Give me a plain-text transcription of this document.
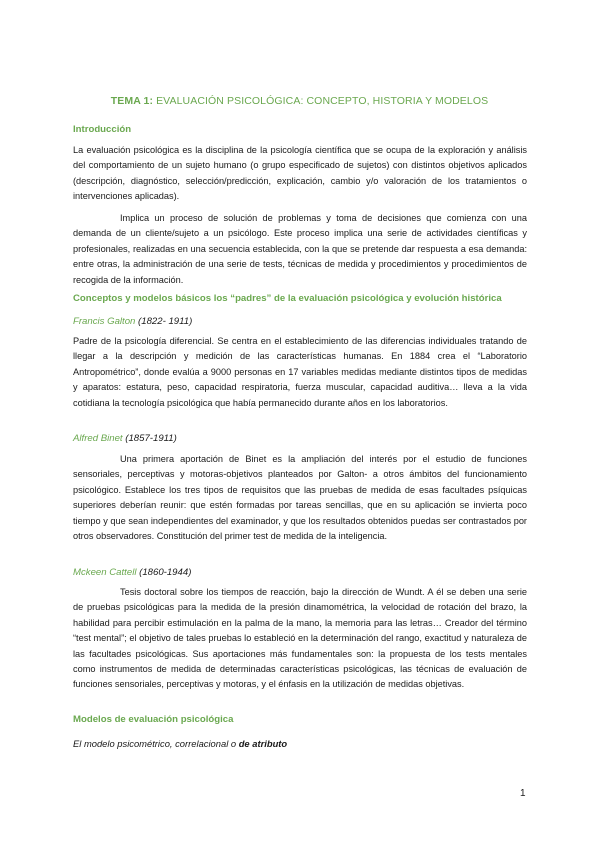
TEMA 1: EVALUACIÓN PSICOLÓGICA: CONCEPTO, HISTORIA Y MODELOS
Introducción
La evaluación psicológica es la disciplina de la psicología científica que se ocupa de la exploración y análisis del comportamiento de un sujeto humano (o grupo especificado de sujetos) con distintos objetivos aplicados (descripción, diagnóstico, selección/predicción, explicación, cambio y/o valoración de los tratamientos o intervenciones aplicadas).
Implica un proceso de solución de problemas y toma de decisiones que comienza con una demanda de un cliente/sujeto a un psicólogo. Este proceso implica una serie de actividades científicas y profesionales, realizadas en una secuencia establecida, con la que se pretende dar respuesta a esa demanda: entre otras, la administración de una serie de tests, técnicas de medida y procedimientos y procedimientos de recogida de la información.
Conceptos y modelos básicos los “padres” de la evaluación psicológica y evolución histórica
Francis Galton (1822- 1911)
Padre de la psicología diferencial. Se centra en el establecimiento de las diferencias individuales tratando de llegar a la descripción y medición de las características humanas. En 1884 crea el “Laboratorio Antropométrico”, donde evalúa a 9000 personas en 17 variables medidas mediante distintos tipos de medidas y aparatos: estatura, peso, capacidad respiratoria, fuerza muscular, capacidad auditiva… lleva a la vida cotidiana la tecnología psicológica que había permanecido durante años en los laboratorios.
Alfred Binet (1857-1911)
Una primera aportación de Binet es la ampliación del interés por el estudio de funciones sensoriales, perceptivas y motoras-objetivos planteados por Galton- a otros ámbitos del funcionamiento psicológico. Establece los tres tipos de requisitos que las pruebas de medida de esas facultades psíquicas superiores deberían reunir: que estén formadas por tareas sencillas, que en su aplicación se invierta poco tiempo y que sean independientes del examinador, y que los resultados obtenidos puedas ser contrastados por otros observadores. Constitución del primer test de medida de la inteligencia.
Mckeen Cattell (1860-1944)
Tesis doctoral sobre los tiempos de reacción, bajo la dirección de Wundt. A él se deben una serie de pruebas psicológicas para la medida de la presión dinamométrica, la velocidad de rotación del brazo, la habilidad para percibir estimulación en la palma de la mano, la memoria para las letras… Creador del término “test mental”; el objetivo de tales pruebas lo estableció en la determinación del rango, exactitud y naturaleza de las facultades psicológicas. Sus aportaciones más fundamentales son: la propuesta de los tests mentales como instrumentos de medida de determinadas características psicológicas, las técnicas de evaluación de funciones sensoriales, perceptivas y motoras, y el énfasis en la utilización de medidas objetivas.
Modelos de evaluación psicológica
El modelo psicométrico, correlacional o de atributo
1
